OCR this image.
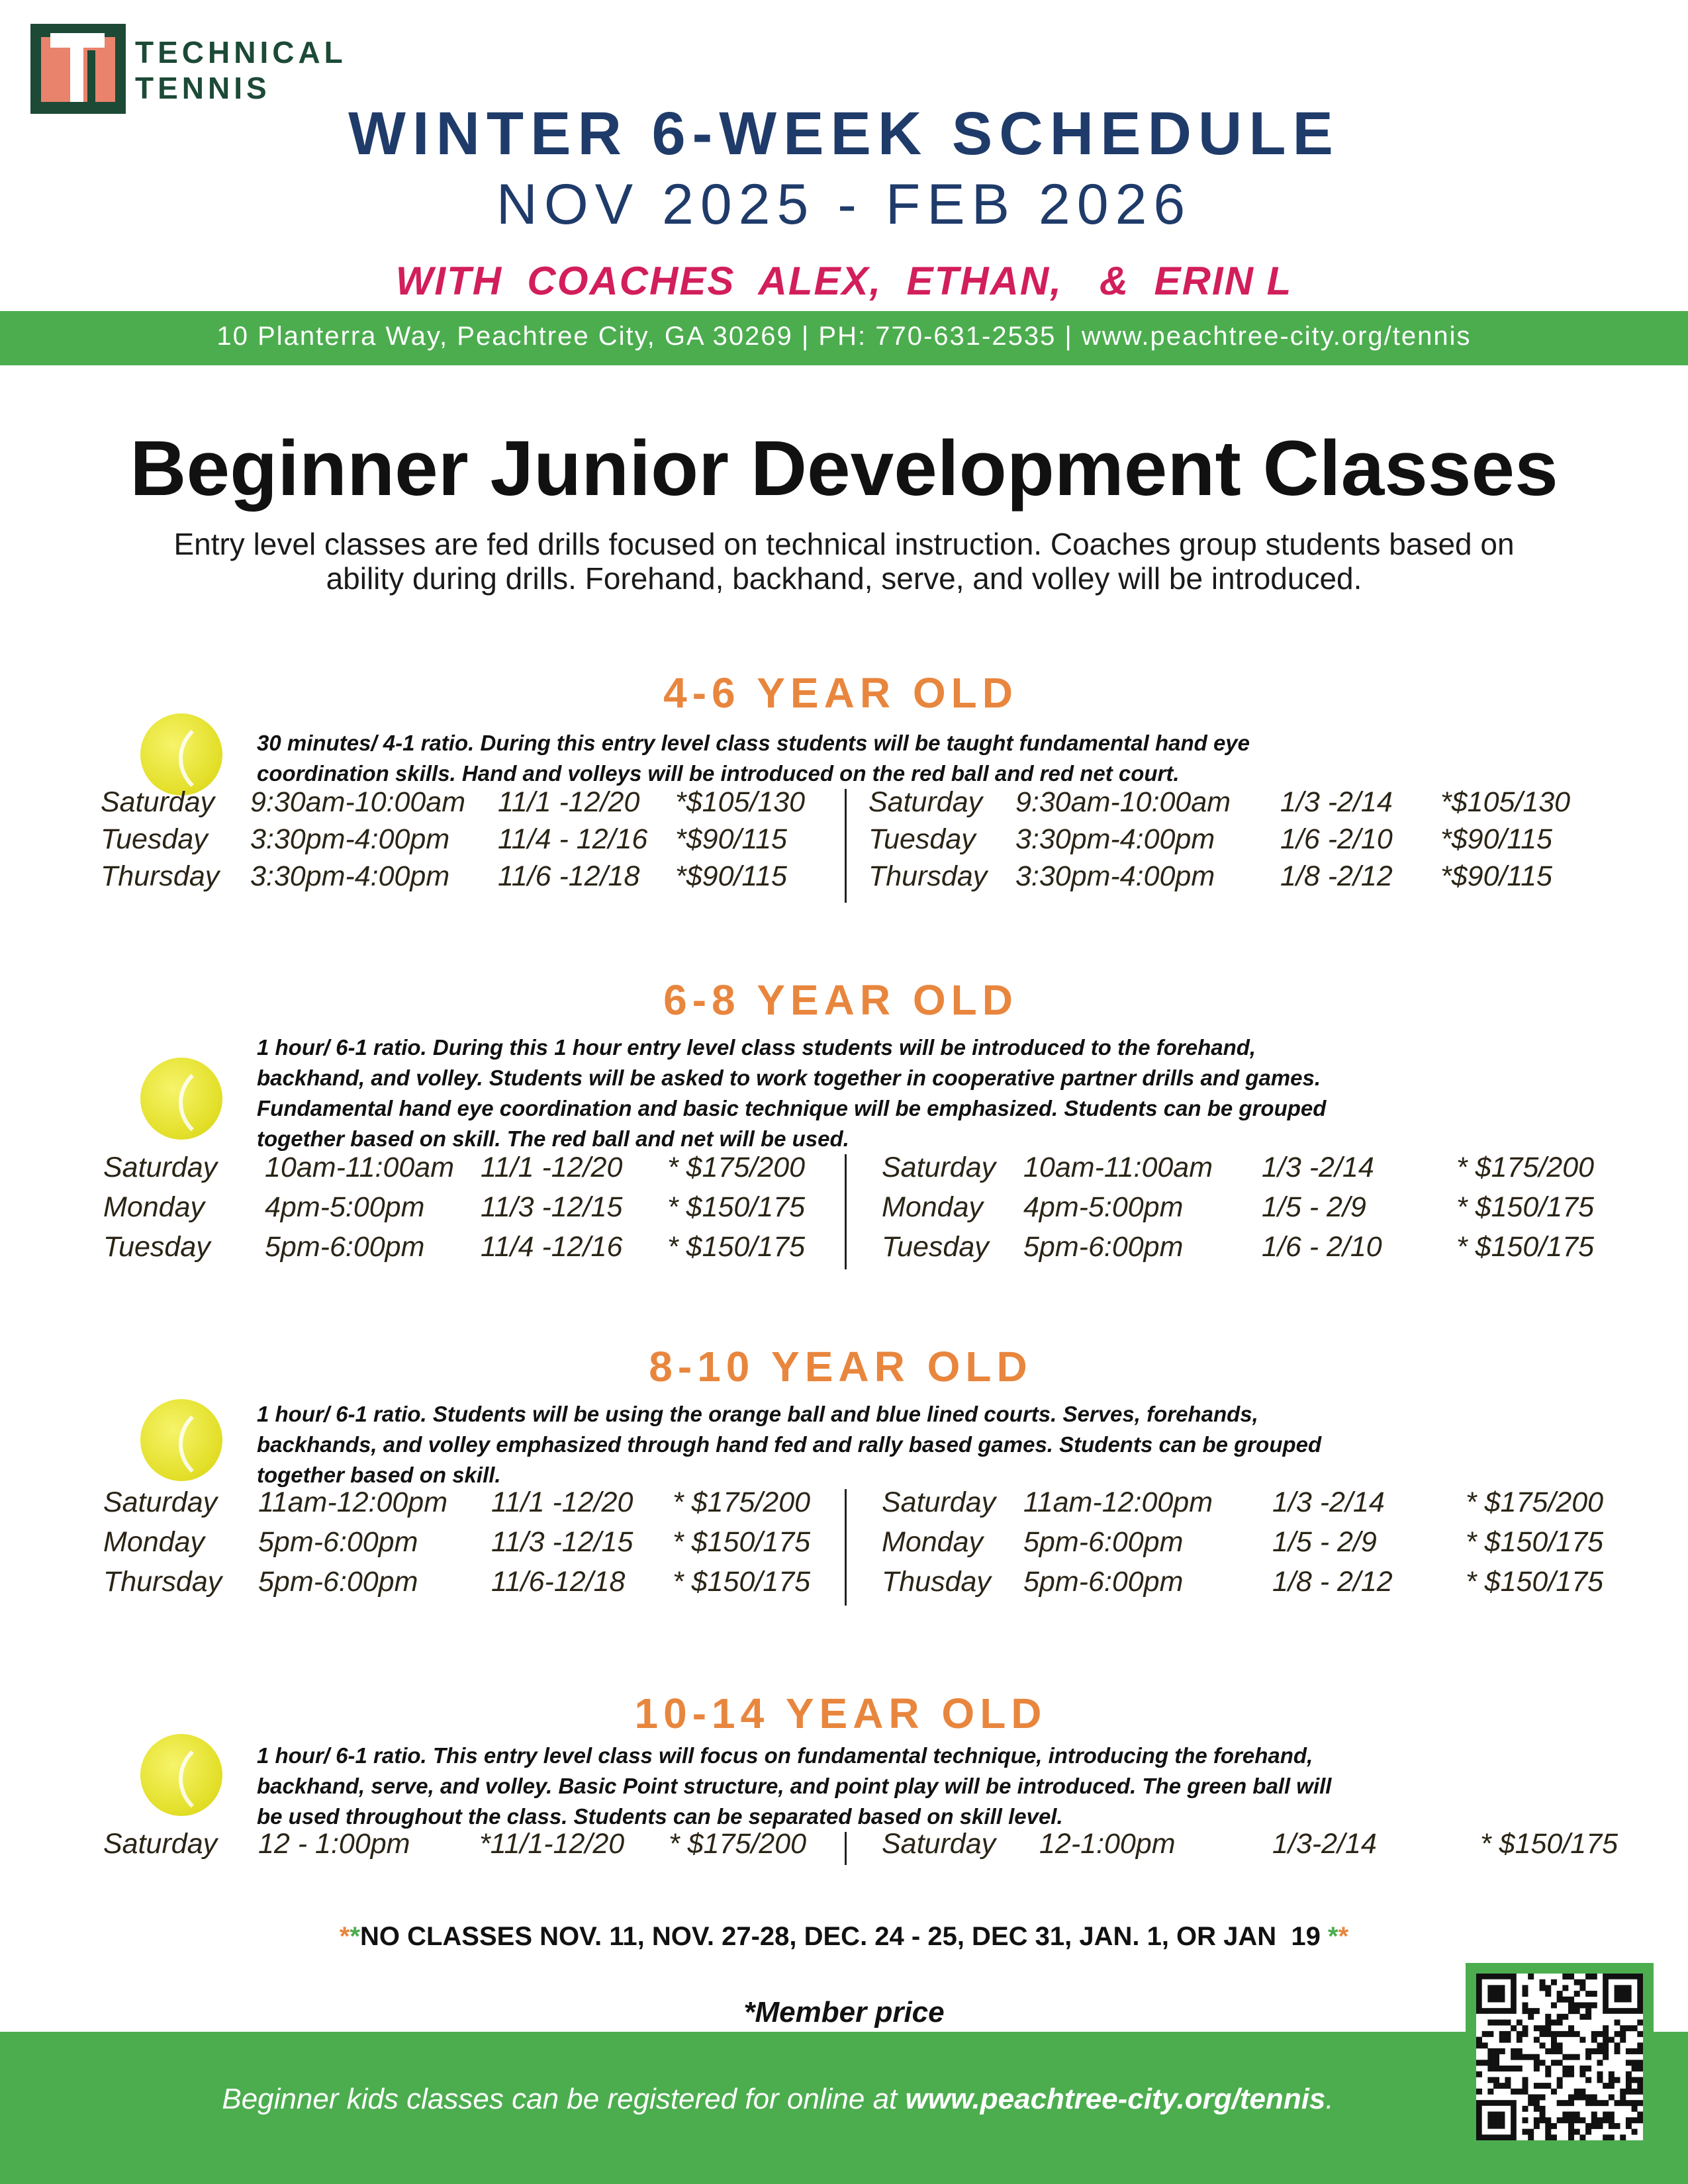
TECHNICAL
TENNIS
WINTER 6-WEEK SCHEDULE
NOV 2025 - FEB 2026
WITH  COACHES  ALEX,  ETHAN,   &  ERIN L
10 Planterra Way, Peachtree City, GA 30269 | PH: 770-631-2535 | www.peachtree-city.org/tennis
Beginner Junior Development Classes
Entry level classes are fed drills focused on technical instruction. Coaches group students based on
ability during drills. Forehand, backhand, serve, and volley will be introduced.
4-6 YEAR OLD
30 minutes/ 4-1 ratio. During this entry level class students will be taught fundamental hand eye
coordination skills. Hand and volleys will be introduced on the red ball and red net court.
Saturday 9:30am-10:00am 11/1 -12/20 *$105/130
Tuesday 3:30pm-4:00pm 11/4 - 12/16 *$90/115
Thursday 3:30pm-4:00pm 11/6 -12/18 *$90/115
Saturday 9:30am-10:00am 1/3 -2/14 *$105/130
Tuesday 3:30pm-4:00pm 1/6 -2/10 *$90/115
Thursday 3:30pm-4:00pm 1/8 -2/12 *$90/115
6-8 YEAR OLD
1 hour/ 6-1 ratio. During this 1 hour entry level class students will be introduced to the forehand,
backhand, and volley. Students will be asked to work together in cooperative partner drills and games.
Fundamental hand eye coordination and basic technique will be emphasized. Students can be grouped
together based on skill. The red ball and net will be used.
Saturday 10am-11:00am 11/1 -12/20 * $175/200
Monday 4pm-5:00pm 11/3 -12/15 * $150/175
Tuesday 5pm-6:00pm 11/4 -12/16 * $150/175
Saturday 10am-11:00am 1/3 -2/14	* $175/200
Monday 4pm-5:00pm	1/5 - 2/9	* $150/175
Tuesday 5pm-6:00pm	1/6 - 2/10	* $150/175
8-10 YEAR OLD
1 hour/ 6-1 ratio. Students will be using the orange ball and blue lined courts. Serves, forehands,
backhands, and volley emphasized through hand fed and rally based games. Students can be grouped
together based on skill.
Saturday 11am-12:00pm 11/1 -12/20 * $175/200
Monday 5pm-6:00pm	11/3 -12/15 * $150/175
Thursday 5pm-6:00pm	11/6-12/18 * $150/175
Saturday 11am-12:00pm 1/3 -2/14	* $175/200
Monday 5pm-6:00pm	1/5 - 2/9	* $150/175
Thusday 5pm-6:00pm	1/8 - 2/12	* $150/175
10-14 YEAR OLD
1 hour/ 6-1 ratio. This entry level class will focus on fundamental technique, introducing the forehand,
backhand, serve, and volley. Basic Point structure, and point play will be introduced. The green ball will
be used throughout the class. Students can be separated based on skill level.
Saturday 12 - 1:00pm *11/1-12/20 * $175/200	Saturday 12-1:00pm	1/3-2/14	* $150/175
**NO CLASSES NOV. 11, NOV. 27-28, DEC. 24 - 25, DEC 31, JAN. 1, OR JAN  19 **
*Member price
Beginner kids classes can be registered for online at www.peachtree-city.org/tennis.
